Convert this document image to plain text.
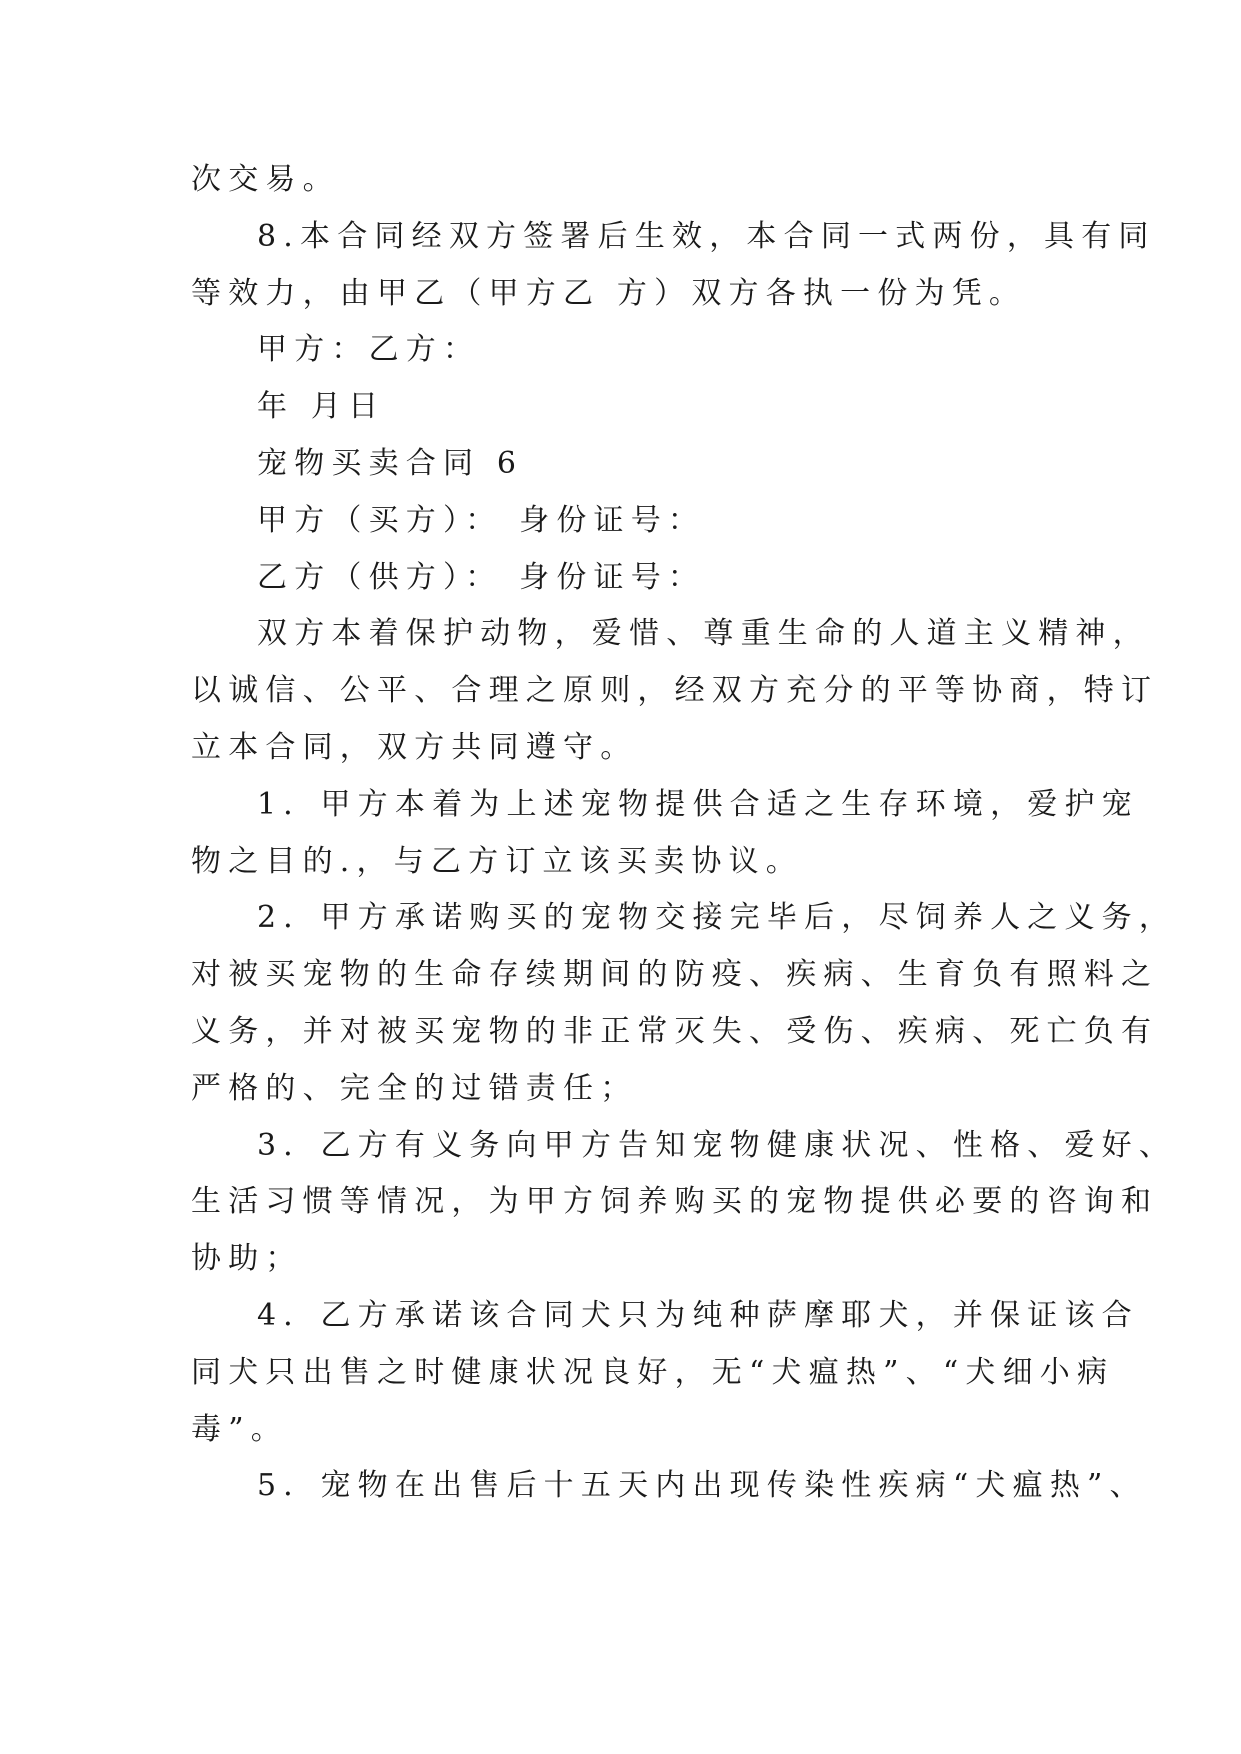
次交易。
8.本合同经双方签署后生效，本合同一式两份，具有同
等效力，由甲乙（甲方乙 方）双方各执一份为凭。
甲方：乙方：
年 月日
宠物买卖合同 6
甲方（买方）： 身份证号：
乙方（供方）： 身份证号：
双方本着保护动物，爱惜、尊重生命的人道主义精神，
以诚信、公平、合理之原则，经双方充分的平等协商，特订
立本合同，双方共同遵守。
1．甲方本着为上述宠物提供合适之生存环境，爱护宠
物之目的.，与乙方订立该买卖协议。
2．甲方承诺购买的宠物交接完毕后，尽饲养人之义务，
对被买宠物的生命存续期间的防疫、疾病、生育负有照料之
义务，并对被买宠物的非正常灭失、受伤、疾病、死亡负有
严格的、完全的过错责任；
3．乙方有义务向甲方告知宠物健康状况、性格、爱好、
生活习惯等情况，为甲方饲养购买的宠物提供必要的咨询和
协助；
4．乙方承诺该合同犬只为纯种萨摩耶犬，并保证该合
同犬只出售之时健康状况良好，无“犬瘟热”、“犬细小病
毒”。
5．宠物在出售后十五天内出现传染性疾病“犬瘟热”、
